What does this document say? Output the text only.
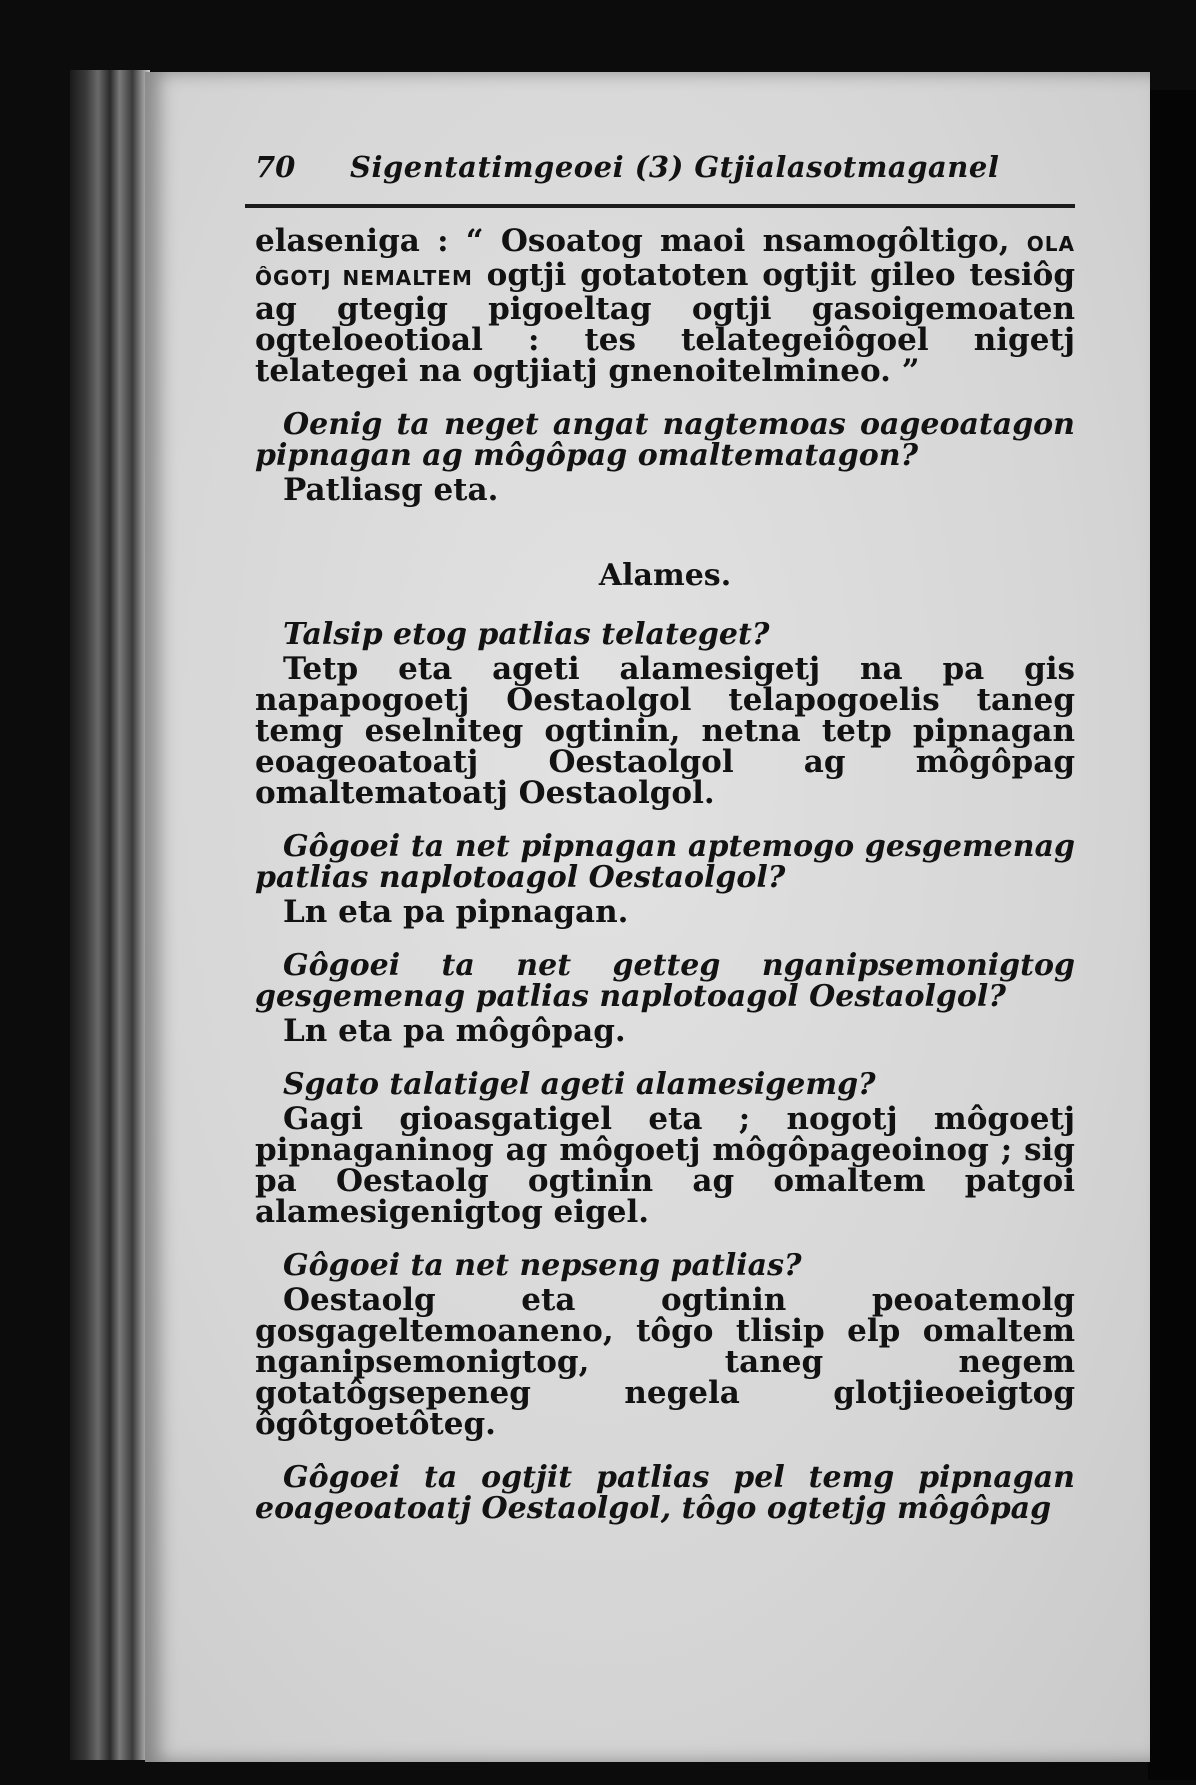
70	Sigentatimgeoei (3) Gtjialasotmaganel

elaseniga : “ Osoatog maoi nsamogôltigo, OLA ÔGOTJ NEMALTEM ogtji gotatoten ogtjit gileo tesiôg ag gtegig pigoeltag ogtji gasoigemoaten ogteloeotioal : tes telategeiôgoel nigetj telategei na ogtjiatj gnenoitelmineo. ”

Oenig ta neget angat nagtemoas oageoatagon pipnagan ag môgôpag omaltematagon?

Patliasg eta.

Alames.

Talsip etog patlias telateget?

Tetp eta ageti alamesigetj na pa gis napapogoetj Oestaolgol telapogoelis taneg temg eselniteg ogtinin, netna tetp pipnagan eoageoatoatj Oestaolgol ag môgôpag omaltematoatj Oestaolgol.

Gôgoei ta net pipnagan aptemogo gesgemenag patlias naplotoagol Oestaolgol?

Ln eta pa pipnagan.

Gôgoei ta net getteg nganipsemonigtog gesgemenag patlias naplotoagol Oestaolgol?

Ln eta pa môgôpag.

Sgato talatigel ageti alamesigemg?

Gagi gioasgatigel eta ; nogotj môgoetj pipnaganinog ag môgoetj môgôpageoinog ; sig pa Oestaolg ogtinin ag omaltem patgoi alamesigenigtog eigel.

Gôgoei ta net nepseng patlias?

Oestaolg eta ogtinin peoatemolg gosgageltemoaneno, tôgo tlisip elp omaltem nganipsemonigtog, taneg negem gotatôgsepeneg negela glotjieoeigtog ôgôtgoetôteg.

Gôgoei ta ogtjit patlias pel temg pipnagan eoageoatoatj Oestaolgol, tôgo ogtetjg môgôpag
